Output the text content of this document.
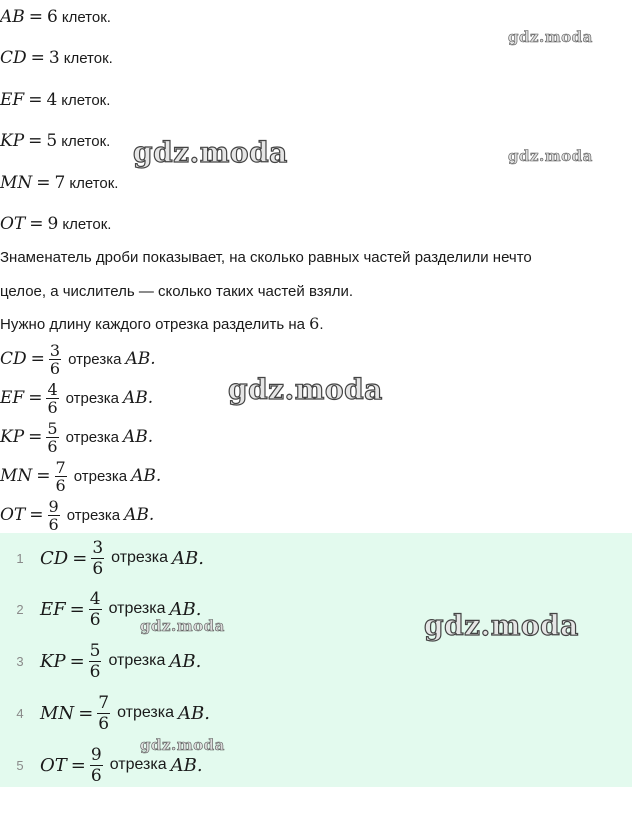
AB = 6 клеток.
CD = 3 клеток.
EF = 4 клеток.
KP = 5 клеток.
MN = 7 клеток.
OT = 9 клеток.
Знаменатель дроби показывает, на сколько равных частей разделили нечто
целое, а числитель — сколько таких частей взяли.
Нужно длину каждого отрезка разделить на 6.
CD = $\frac{3}{6}$ отрезка AB.
EF = $\frac{4}{6}$ отрезка AB.
KP = $\frac{5}{6}$ отрезка AB.
MN = $\frac{7}{6}$ отрезка AB.
OT = $\frac{9}{6}$ отрезка AB.
1 CD = $\frac{3}{6}$ отрезка AB.
2 EF = $\frac{4}{6}$ отрезка AB.
3 KP = $\frac{5}{6}$ отрезка AB.
4 MN = $\frac{7}{6}$ отрезка AB.
5 OT = $\frac{9}{6}$ отрезка AB.
gdz.moda
gdz.moda	gdz.moda
gdz.moda
gdz.moda	gdz.moda
gdz.moda
